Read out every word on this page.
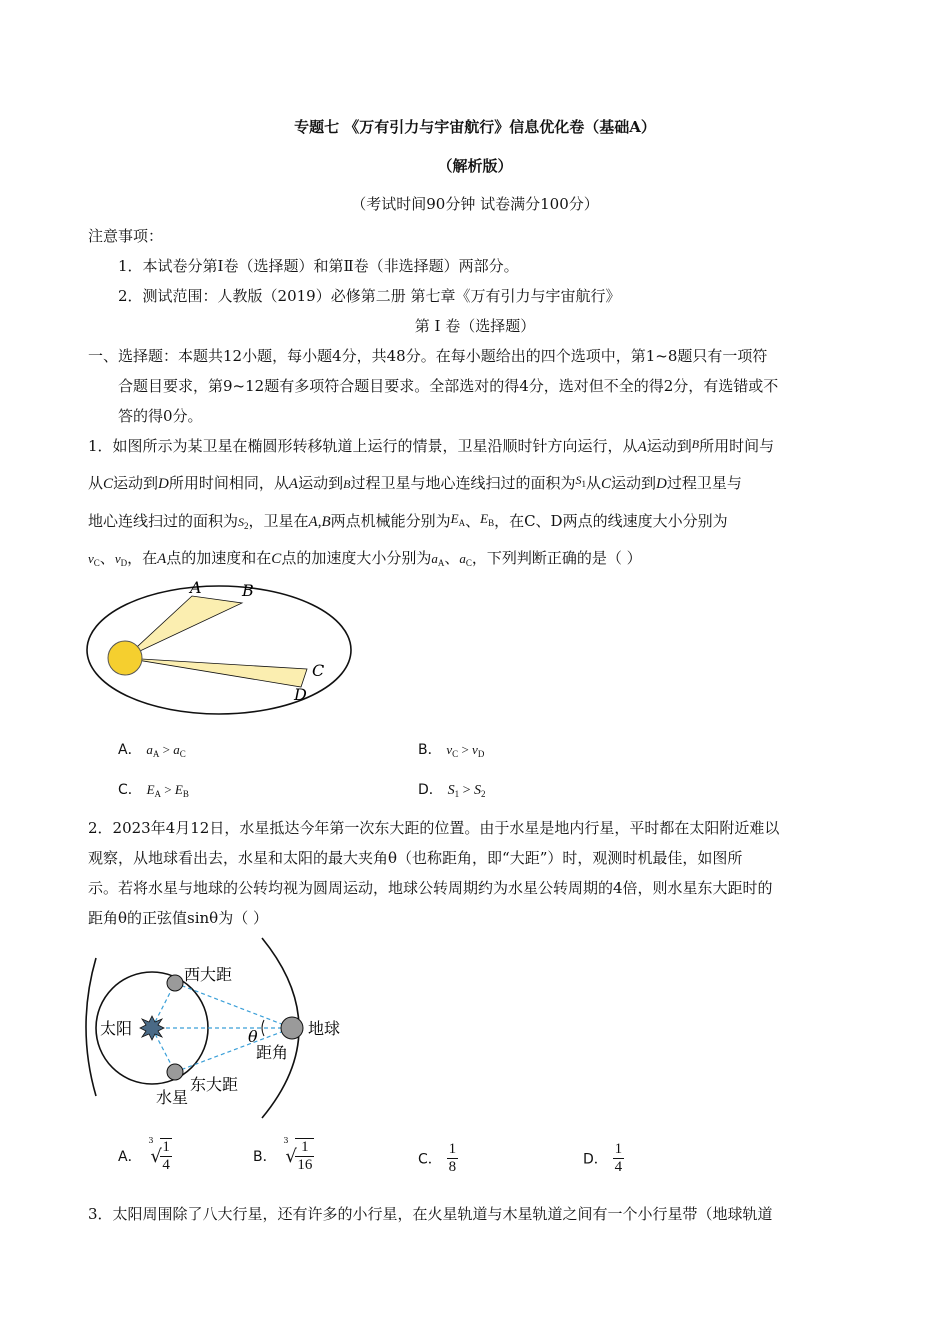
专题七 《万有引力与宇宙航行》信息优化卷（基础A）
（解析版）
（考试时间90分钟 试卷满分100分）
注意事项：
1．本试卷分第Ⅰ卷（选择题）和第Ⅱ卷（非选择题）两部分。
2．测试范围：人教版（2019）必修第二册 第七章《万有引力与宇宙航行》
第 Ⅰ 卷（选择题）
一、选择题：本题共12小题，每小题4分，共48分。在每小题给出的四个选项中，第1~8题只有一项符
合题目要求，第9~12题有多项符合题目要求。全部选对的得4分，选对但不全的得2分，有选错或不
答的得0分。
1．如图所示为某卫星在椭圆形转移轨道上运行的情景，卫星沿顺时针方向运行，从A运动到$^B$所用时间与
从C运动到D所用时间相同，从A运动到B过程卫星与地心连线扫过的面积为$^{S_1}$从C运动到D过程卫星与
地心连线扫过的面积为$S_2$，卫星在A,B两点机械能分别为$E_A$、$E_B$，在C、D两点的线速度大小分别为
$v_C$、$v_D$，在A点的加速度和在C点的加速度大小分别为$a_A$、$a_C$，下列判断正确的是（ ）
A	B
C
D
A． $a_A > a_C$	B． $v_C > v_D$
C． $E_A > E_B$	D． $S_1 > S_2$
2．2023年4月12日，水星抵达今年第一次东大距的位置。由于水星是地内行星，平时都在太阳附近难以
观察，从地球看出去，水星和太阳的最大夹角θ（也称距角，即“大距”）时，观测时机最佳，如图所
示。若将水星与地球的公转均视为圆周运动，地球公转周期约为水星公转周期的4倍，则水星东大距时的
距角θ的正弦值sinθ为（ ）
西大距
东大距
太阳	地球
水星
θ
距角
A．
3
√
$\frac{1}{4}$	B．
3
√
$\frac{1}{16}$	C． $\frac{1}{8}$	D． $\frac{1}{4}$
3．太阳周围除了八大行星，还有许多的小行星，在火星轨道与木星轨道之间有一个小行星带（地球轨道
